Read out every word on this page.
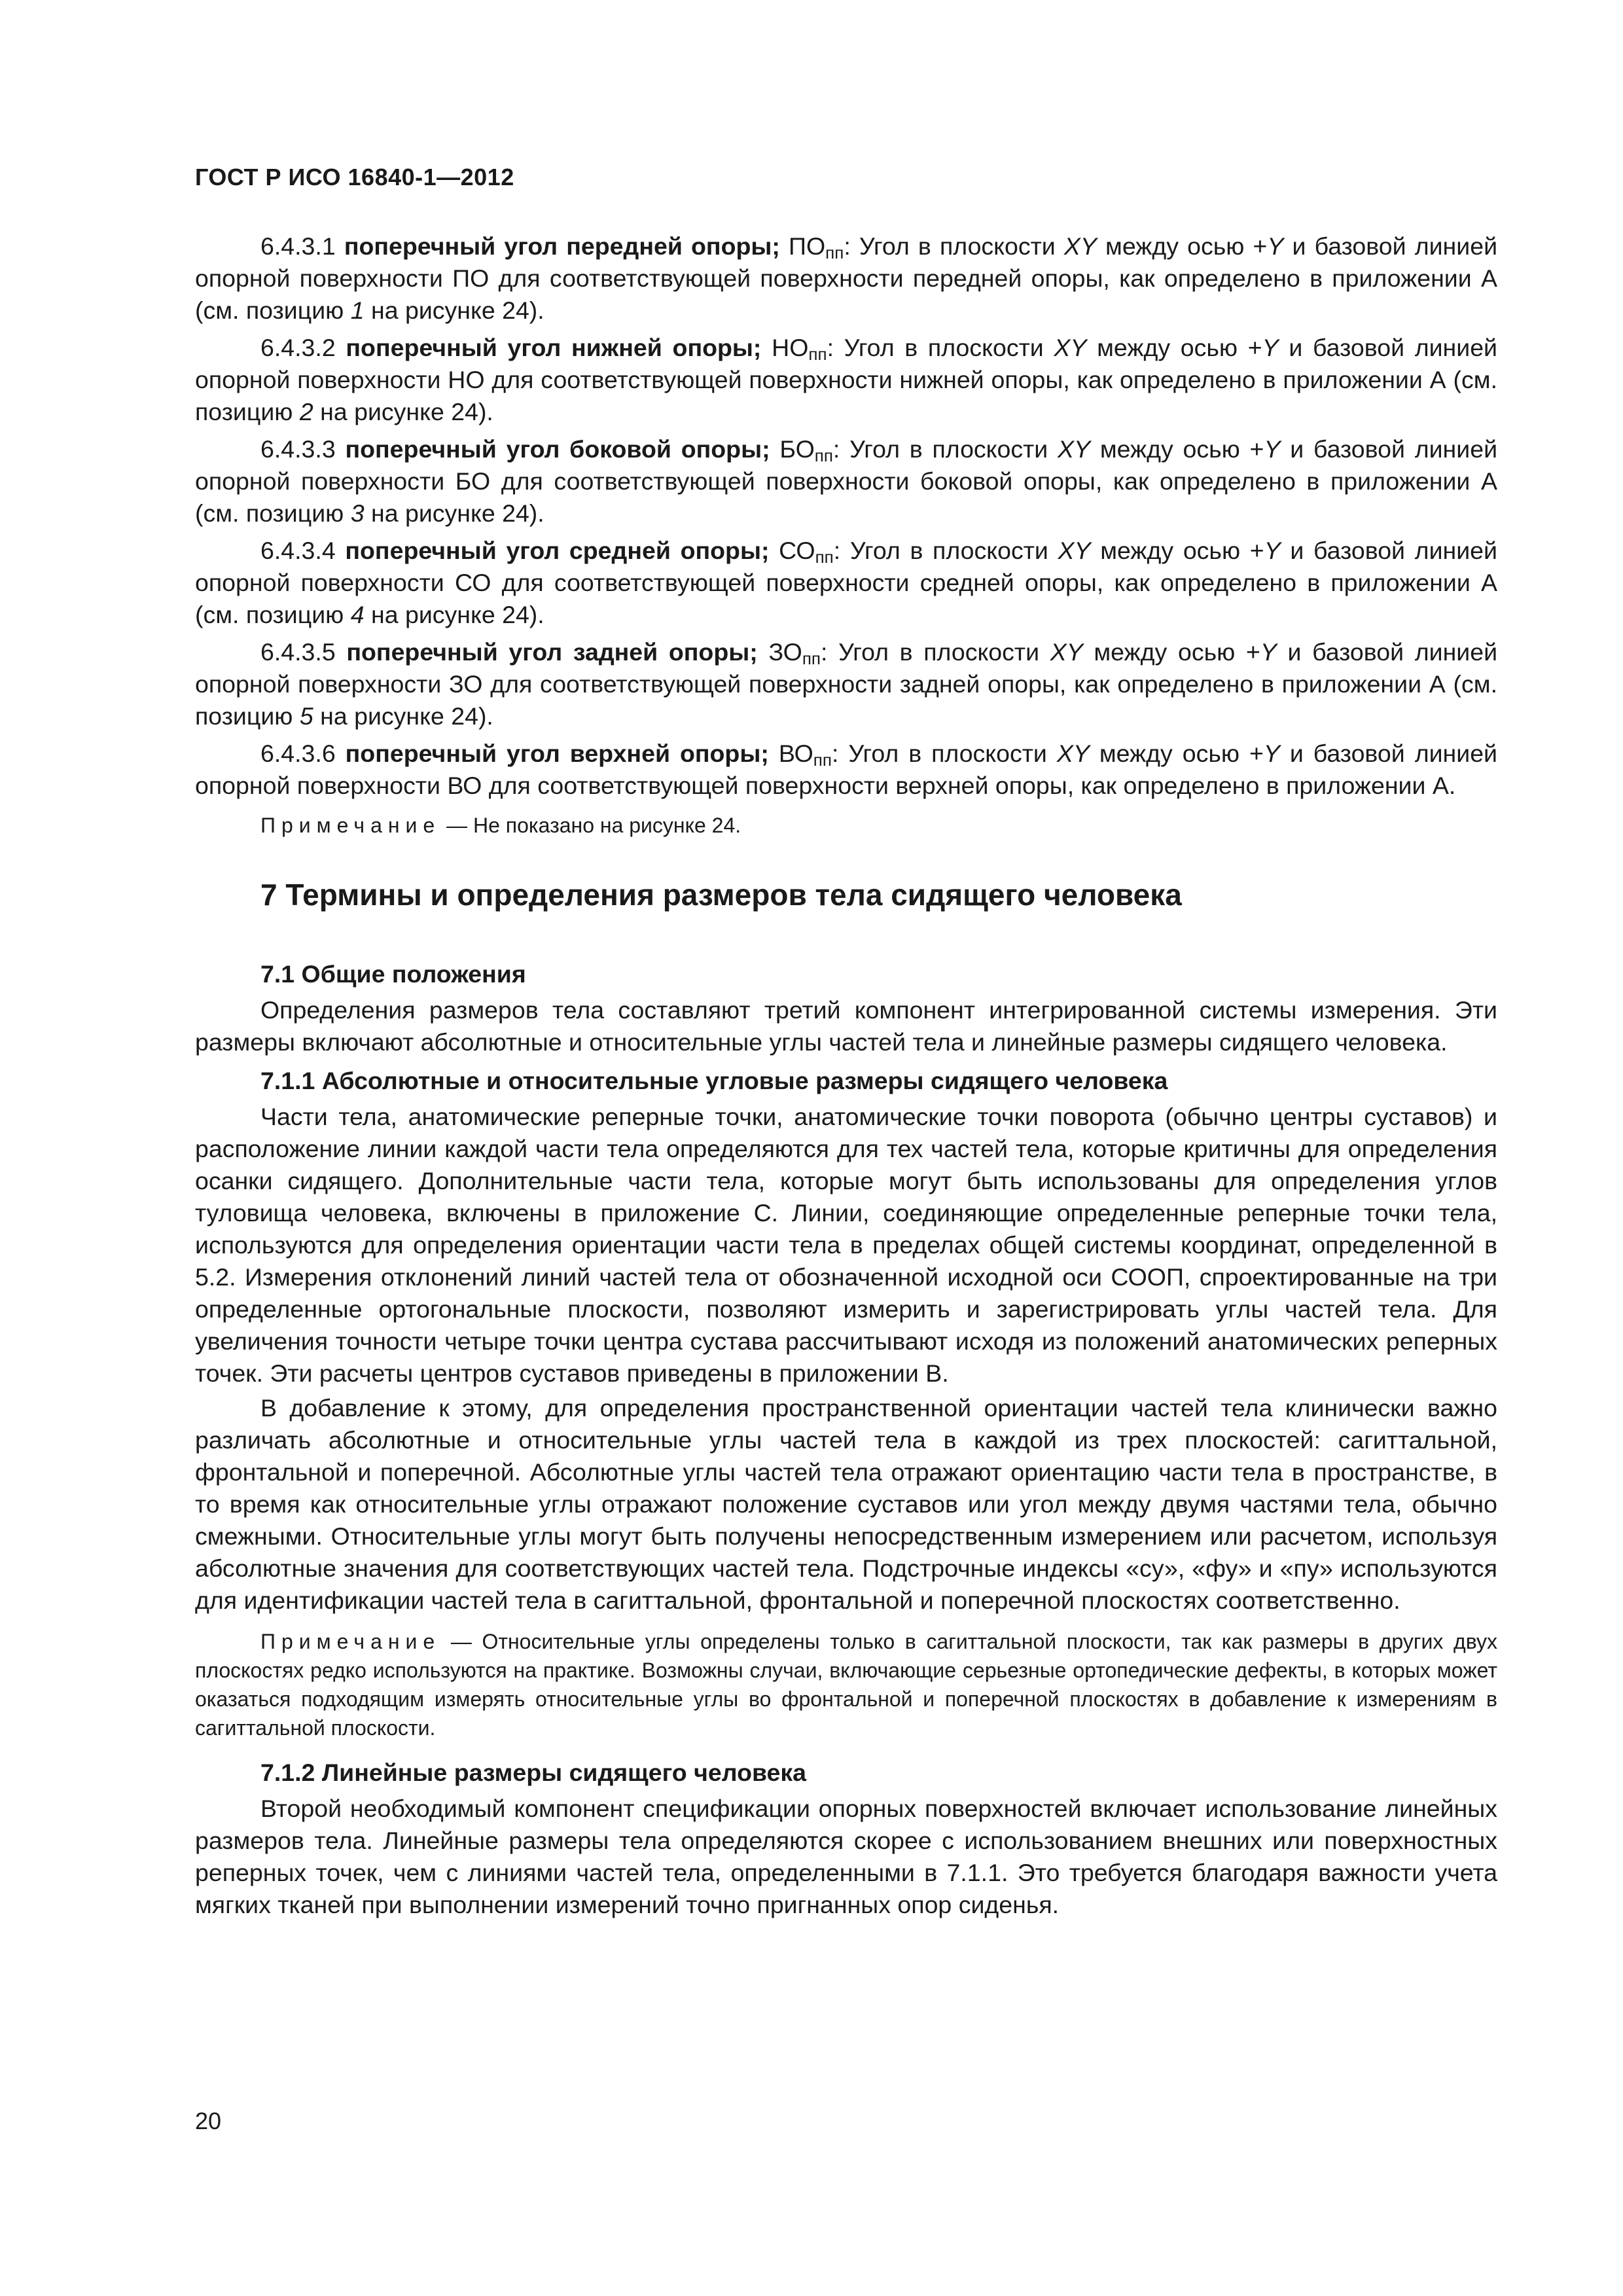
ГОСТ Р ИСО 16840-1—2012

6.4.3.1 поперечный угол передней опоры; $ПО_{пп}$: Угол в плоскости XY между осью +Y и базовой линией опорной поверхности ПО для соответствующей поверхности передней опоры, как определено в приложении А (см. позицию 1 на рисунке 24).

6.4.3.2 поперечный угол нижней опоры; $НО_{пп}$: Угол в плоскости XY между осью +Y и базовой линией опорной поверхности НО для соответствующей поверхности нижней опоры, как определено в приложении А (см. позицию 2 на рисунке 24).

6.4.3.3 поперечный угол боковой опоры; $БО_{пп}$: Угол в плоскости XY между осью +Y и базовой линией опорной поверхности БО для соответствующей поверхности боковой опоры, как определено в приложении А (см. позицию 3 на рисунке 24).

6.4.3.4 поперечный угол средней опоры; $СО_{пп}$: Угол в плоскости XY между осью +Y и базовой линией опорной поверхности СО для соответствующей поверхности средней опоры, как определено в приложении А (см. позицию 4 на рисунке 24).

6.4.3.5 поперечный угол задней опоры; $ЗО_{пп}$: Угол в плоскости XY между осью +Y и базовой линией опорной поверхности ЗО для соответствующей поверхности задней опоры, как определено в приложении А (см. позицию 5 на рисунке 24).

6.4.3.6 поперечный угол верхней опоры; $ВО_{пп}$: Угол в плоскости XY между осью +Y и базовой линией опорной поверхности ВО для соответствующей поверхности верхней опоры, как определено в приложении А.

Примечание — Не показано на рисунке 24.

7 Термины и определения размеров тела сидящего человека

7.1 Общие положения

Определения размеров тела составляют третий компонент интегрированной системы измерения. Эти размеры включают абсолютные и относительные углы частей тела и линейные размеры сидящего человека.

7.1.1 Абсолютные и относительные угловые размеры сидящего человека

Части тела, анатомические реперные точки, анатомические точки поворота (обычно центры суставов) и расположение линии каждой части тела определяются для тех частей тела, которые критичны для определения осанки сидящего. Дополнительные части тела, которые могут быть использованы для определения углов туловища человека, включены в приложение С. Линии, соединяющие определенные реперные точки тела, используются для определения ориентации части тела в пределах общей системы координат, определенной в 5.2. Измерения отклонений линий частей тела от обозначенной исходной оси СООП, спроектированные на три определенные ортогональные плоскости, позволяют измерить и зарегистрировать углы частей тела. Для увеличения точности четыре точки центра сустава рассчитывают исходя из положений анатомических реперных точек. Эти расчеты центров суставов приведены в приложении В.

В добавление к этому, для определения пространственной ориентации частей тела клинически важно различать абсолютные и относительные углы частей тела в каждой из трех плоскостей: сагиттальной, фронтальной и поперечной. Абсолютные углы частей тела отражают ориентацию части тела в пространстве, в то время как относительные углы отражают положение суставов или угол между двумя частями тела, обычно смежными. Относительные углы могут быть получены непосредственным измерением или расчетом, используя абсолютные значения для соответствующих частей тела. Подстрочные индексы «су», «фу» и «пу» используются для идентификации частей тела в сагиттальной, фронтальной и поперечной плоскостях соответственно.

Примечание — Относительные углы определены только в сагиттальной плоскости, так как размеры в других двух плоскостях редко используются на практике. Возможны случаи, включающие серьезные ортопедические дефекты, в которых может оказаться подходящим измерять относительные углы во фронтальной и поперечной плоскостях в добавление к измерениям в сагиттальной плоскости.

7.1.2 Линейные размеры сидящего человека

Второй необходимый компонент спецификации опорных поверхностей включает использование линейных размеров тела. Линейные размеры тела определяются скорее с использованием внешних или поверхностных реперных точек, чем с линиями частей тела, определенными в 7.1.1. Это требуется благодаря важности учета мягких тканей при выполнении измерений точно пригнанных опор сиденья.

20
